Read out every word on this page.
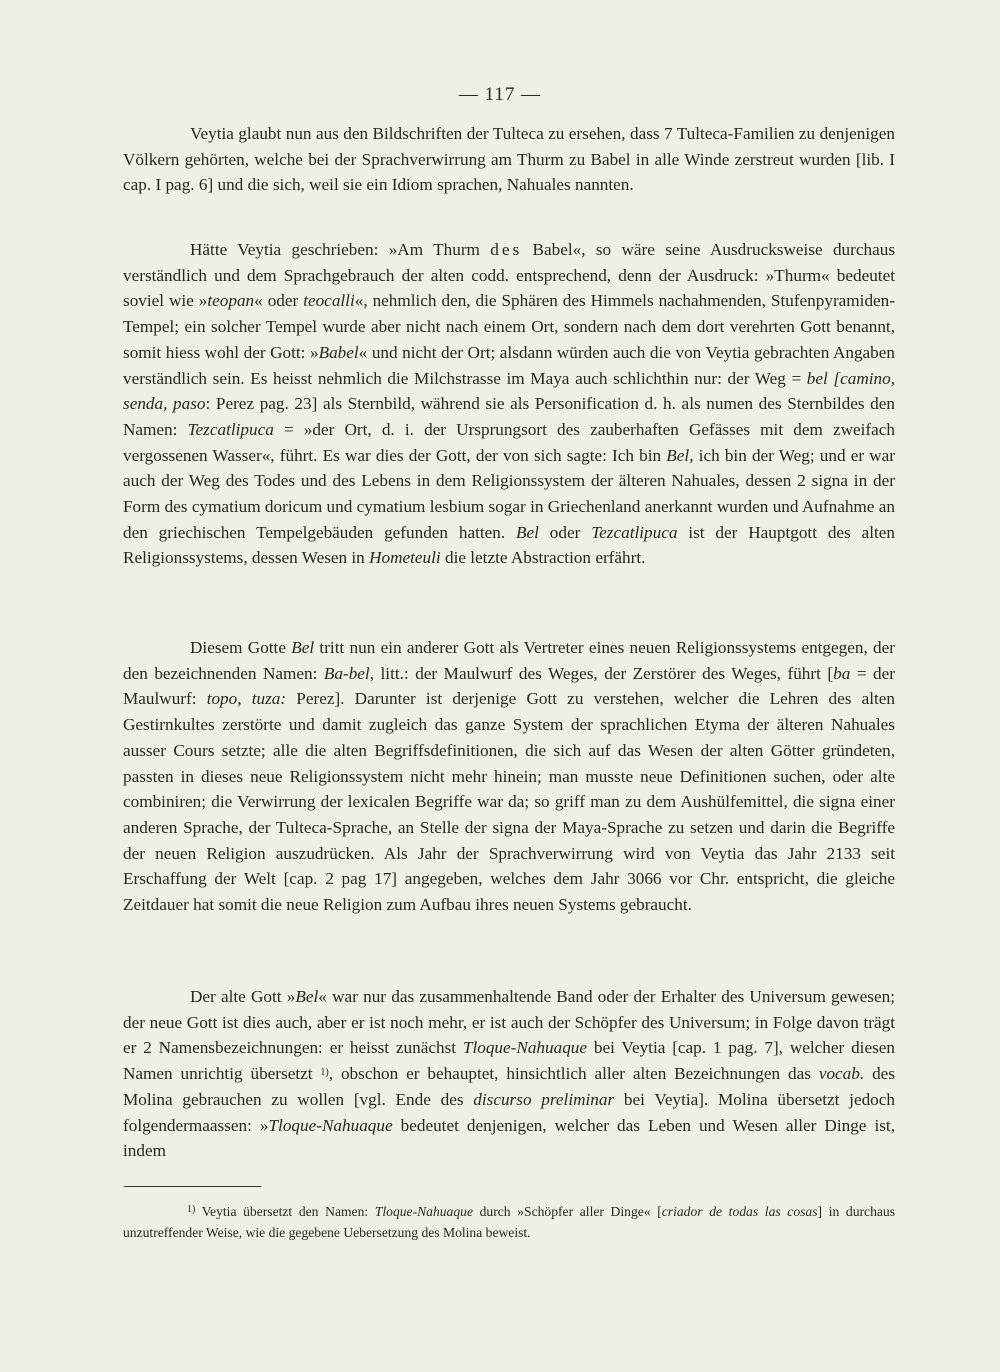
— 117 —

Veytia glaubt nun aus den Bildschriften der Tulteca zu ersehen, dass 7 Tulteca-Familien zu denjenigen Völkern gehörten, welche bei der Sprachverwirrung am Thurm zu Babel in alle Winde zerstreut wurden [lib. I cap. I pag. 6] und die sich, weil sie ein Idiom sprachen, Nahuales nannten.

Hätte Veytia geschrieben: »Am Thurm des Babel«, so wäre seine Ausdrucksweise durchaus verständlich und dem Sprachgebrauch der alten codd. entsprechend, denn der Ausdruck: »Thurm« bedeutet soviel wie »teopan« oder teocalli«, nehmlich den, die Sphären des Himmels nachahmenden, Stufenpyramiden-Tempel; ein solcher Tempel wurde aber nicht nach einem Ort, sondern nach dem dort verehrten Gott benannt, somit hiess wohl der Gott: »Babel« und nicht der Ort; alsdann würden auch die von Veytia gebrachten Angaben verständlich sein. Es heisst nehmlich die Milchstrasse im Maya auch schlichthin nur: der Weg = bel [camino, senda, paso: Perez pag. 23] als Sternbild, während sie als Personification d. h. als numen des Sternbildes den Namen: Tezcatlipuca = »der Ort, d. i. der Ursprungsort des zauberhaften Gefässes mit dem zweifach vergossenen Wasser«, führt. Es war dies der Gott, der von sich sagte: Ich bin Bel, ich bin der Weg; und er war auch der Weg des Todes und des Lebens in dem Religionssystem der älteren Nahuales, dessen 2 signa in der Form des cymatium doricum und cymatium lesbium sogar in Griechenland anerkannt wurden und Aufnahme an den griechischen Tempelgebäuden gefunden hatten. Bel oder Tezcatlipuca ist der Hauptgott des alten Religionssystems, dessen Wesen in Hometeuli die letzte Abstraction erfährt.

Diesem Gotte Bel tritt nun ein anderer Gott als Vertreter eines neuen Religionssystems entgegen, der den bezeichnenden Namen: Ba-bel, litt.: der Maulwurf des Weges, der Zerstörer des Weges, führt [ba = der Maulwurf: topo, tuza: Perez]. Darunter ist derjenige Gott zu verstehen, welcher die Lehren des alten Gestirnkultes zerstörte und damit zugleich das ganze System der sprachlichen Etyma der älteren Nahuales ausser Cours setzte; alle die alten Begriffsdefinitionen, die sich auf das Wesen der alten Götter gründeten, passten in dieses neue Religionssystem nicht mehr hinein; man musste neue Definitionen suchen, oder alte combiniren; die Verwirrung der lexicalen Begriffe war da; so griff man zu dem Aushülfemittel, die signa einer anderen Sprache, der Tulteca-Sprache, an Stelle der signa der Maya-Sprache zu setzen und darin die Begriffe der neuen Religion auszudrücken. Als Jahr der Sprachverwirrung wird von Veytia das Jahr 2133 seit Erschaffung der Welt [cap. 2 pag 17] angegeben, welches dem Jahr 3066 vor Chr. entspricht, die gleiche Zeitdauer hat somit die neue Religion zum Aufbau ihres neuen Systems gebraucht.

Der alte Gott »Bel« war nur das zusammenhaltende Band oder der Erhalter des Universum gewesen; der neue Gott ist dies auch, aber er ist noch mehr, er ist auch der Schöpfer des Universum; in Folge davon trägt er 2 Namensbezeichnungen: er heisst zunächst Tloque-Nahuaque bei Veytia [cap. 1 pag. 7], welcher diesen Namen unrichtig übersetzt $^{1)}$, obschon er behauptet, hinsichtlich aller alten Bezeichnungen das vocab. des Molina gebrauchen zu wollen [vgl. Ende des discurso preliminar bei Veytia]. Molina übersetzt jedoch folgendermaassen: »Tloque-Nahuaque bedeutet denjenigen, welcher das Leben und Wesen aller Dinge ist, indem

$^{1)}$ Veytia übersetzt den Namen: Tloque-Nahuaque durch »Schöpfer aller Dinge« [criador de todas las cosas] in durchaus unzutreffender Weise, wie die gegebene Uebersetzung des Molina beweist.
